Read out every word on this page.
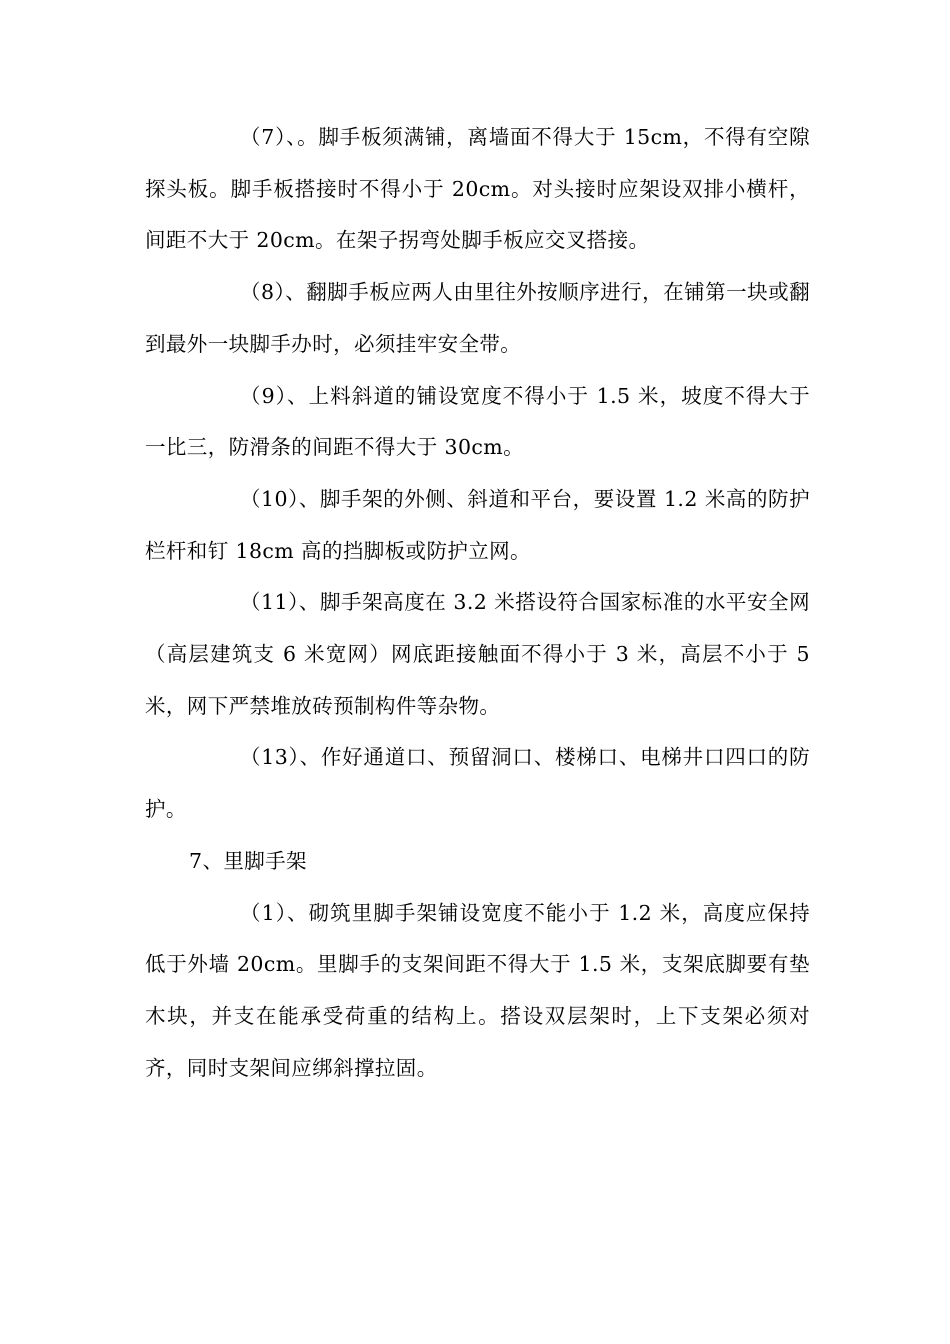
（7）、。脚手板须满铺，离墙面不得大于 15cm，不得有空隙探头板。脚手板搭接时不得小于 20cm。对头接时应架设双排小横杆，间距不大于 20cm。在架子拐弯处脚手板应交叉搭接。

（8）、翻脚手板应两人由里往外按顺序进行，在铺第一块或翻到最外一块脚手办时，必须挂牢安全带。

（9）、上料斜道的铺设宽度不得小于 1.5 米，坡度不得大于一比三，防滑条的间距不得大于 30cm。

（10）、脚手架的外侧、斜道和平台，要设置 1.2 米高的防护栏杆和钉 18cm 高的挡脚板或防护立网。

（11）、脚手架高度在 3.2 米搭设符合国家标准的水平安全网（高层建筑支 6 米宽网）网底距接触面不得小于 3 米，高层不小于 5 米，网下严禁堆放砖预制构件等杂物。

（13）、作好通道口、预留洞口、楼梯口、电梯井口四口的防护。

7、里脚手架

（1）、砌筑里脚手架铺设宽度不能小于 1.2 米，高度应保持低于外墙 20cm。里脚手的支架间距不得大于 1.5 米，支架底脚要有垫木块，并支在能承受荷重的结构上。搭设双层架时，上下支架必须对齐，同时支架间应绑斜撑拉固。
